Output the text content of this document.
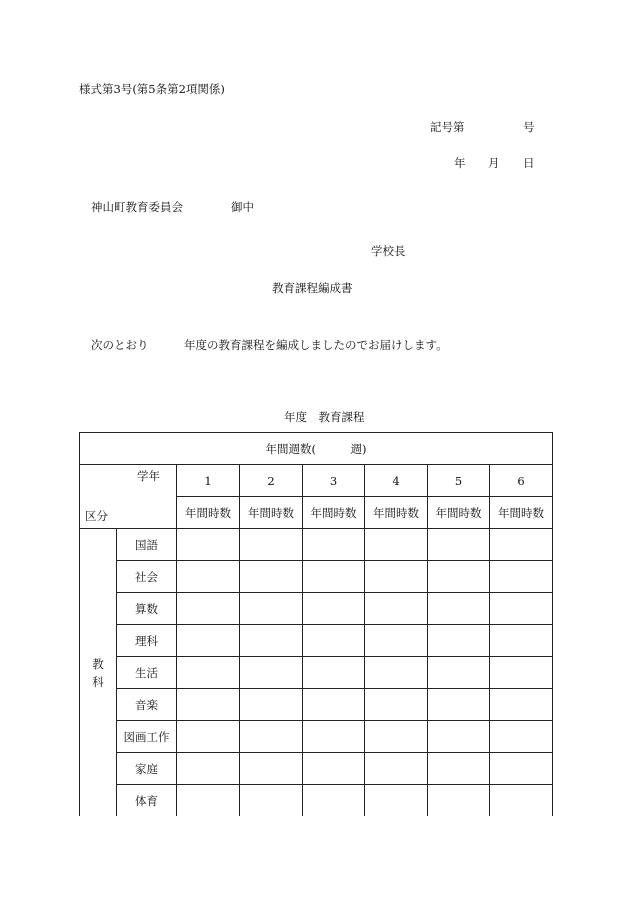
様式第3号(第5条第2項関係)
記号第	号
年 月 日
神山町教育委員会	御中
学校長
教育課程編成書
次のとおり	年度の教育課程を編成しましたのでお届けします。
年度　教育課程
年間週数(　　　週)							

学年
区分		1	2	3	4	5	6
		年間時数	年間時数	年間時数	年間時数	年間時数	年間時数

教科	国語						
	社会						
	算数						
	理科						
	生活						
	音楽						
	図画工作						
	家庭						
	体育						
